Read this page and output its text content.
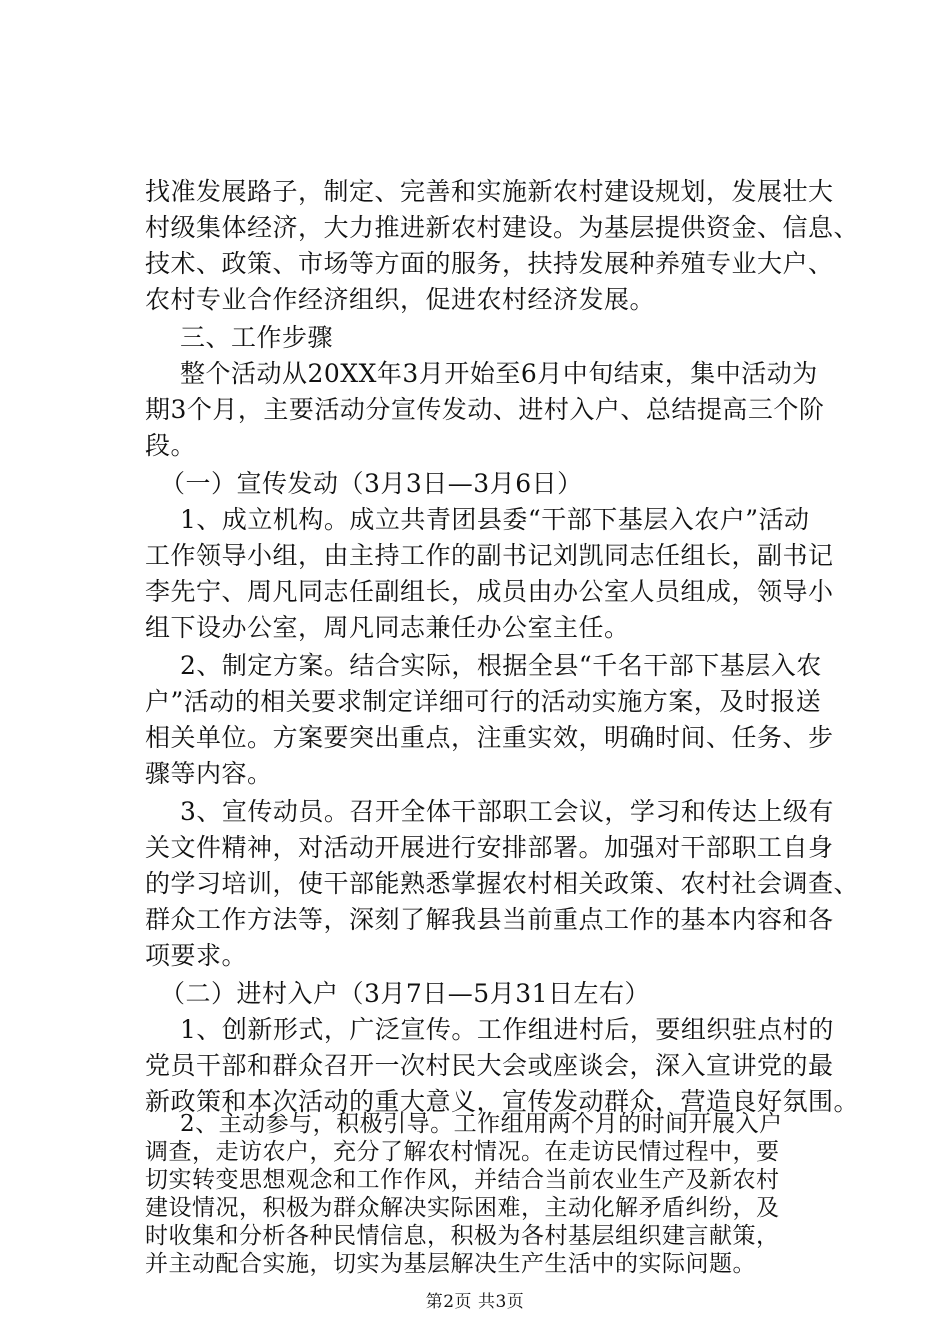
找准发展路子，制定、完善和实施新农村建设规划，发展壮大
村级集体经济，大力推进新农村建设。为基层提供资金、信息、
技术、政策、市场等方面的服务，扶持发展种养殖专业大户、
农村专业合作经济组织，促进农村经济发展。
三、工作步骤
整个活动从20XX年3月开始至6月中旬结束，集中活动为
期3个月，主要活动分宣传发动、进村入户、总结提高三个阶
段。
（一）宣传发动（3月3日—3月6日）
1、成立机构。成立共青团县委“干部下基层入农户”活动
工作领导小组，由主持工作的副书记刘凯同志任组长，副书记
李先宁、周凡同志任副组长，成员由办公室人员组成，领导小
组下设办公室，周凡同志兼任办公室主任。
2、制定方案。结合实际，根据全县“千名干部下基层入农
户”活动的相关要求制定详细可行的活动实施方案，及时报送
相关单位。方案要突出重点，注重实效，明确时间、任务、步
骤等内容。
3、宣传动员。召开全体干部职工会议，学习和传达上级有
关文件精神，对活动开展进行安排部署。加强对干部职工自身
的学习培训，使干部能熟悉掌握农村相关政策、农村社会调查、
群众工作方法等，深刻了解我县当前重点工作的基本内容和各
项要求。
（二）进村入户（3月7日—5月31日左右）
1、创新形式，广泛宣传。工作组进村后，要组织驻点村的
党员干部和群众召开一次村民大会或座谈会，深入宣讲党的最
新政策和本次活动的重大意义，宣传发动群众，营造良好氛围。
2、主动参与，积极引导。工作组用两个月的时间开展入户
调查，走访农户，充分了解农村情况。在走访民情过程中，要
切实转变思想观念和工作作风，并结合当前农业生产及新农村
建设情况，积极为群众解决实际困难，主动化解矛盾纠纷，及
时收集和分析各种民情信息，积极为各村基层组织建言献策，
并主动配合实施，切实为基层解决生产生活中的实际问题。
第2页 共3页
